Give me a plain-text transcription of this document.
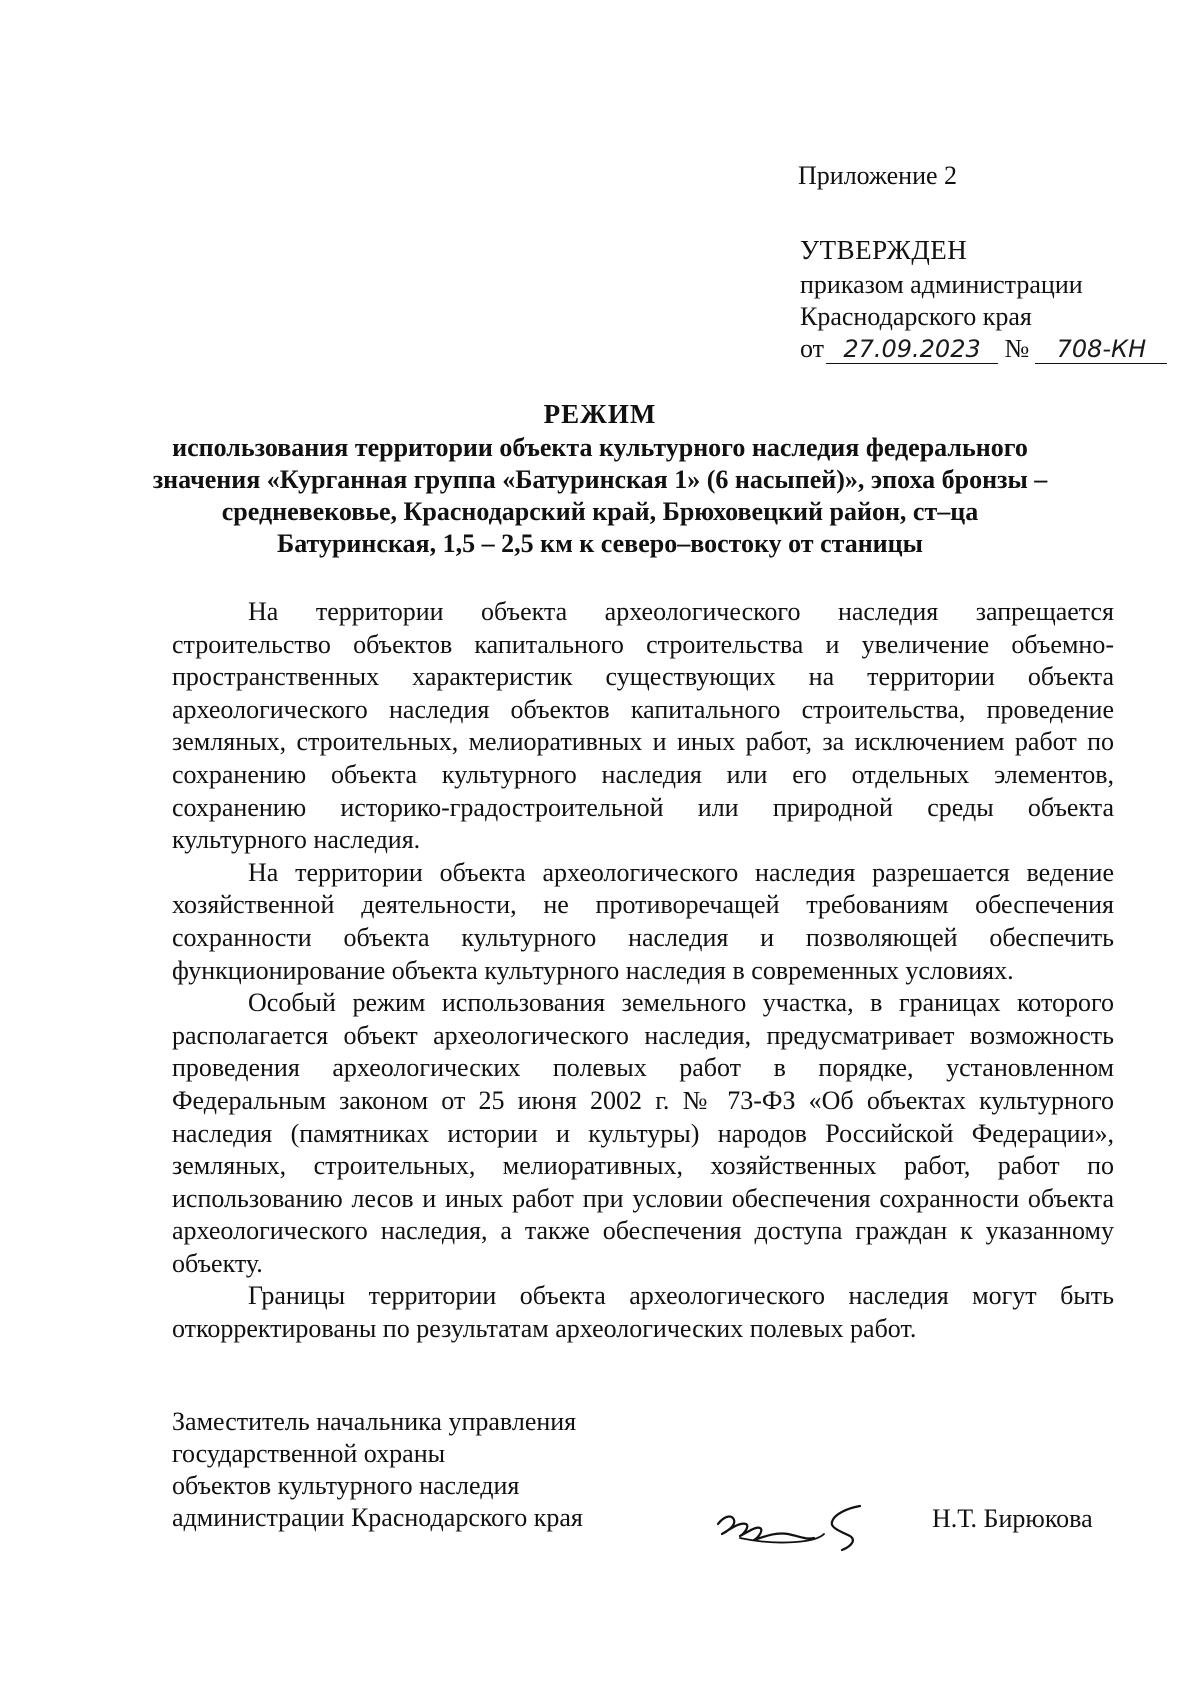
Приложение 2
УТВЕРЖДЕН
приказом администрации
Краснодарского края
от 27.09.2023 № 708-КН
РЕЖИМ
использования территории объекта культурного наследия федерального значения «Курганная группа «Батуринская 1» (6 насыпей)», эпоха бронзы – средневековье, Краснодарский край, Брюховецкий район, ст–ца Батуринская, 1,5 – 2,5 км к северо–востоку от станицы

На территории объекта археологического наследия запрещается строительство объектов капитального строительства и увеличение объемно-пространственных характеристик существующих на территории объекта археологического наследия объектов капитального строительства, проведение земляных, строительных, мелиоративных и иных работ, за исключением работ по сохранению объекта культурного наследия или его отдельных элементов, сохранению историко-градостроительной или природной среды объекта культурного наследия.

На территории объекта археологического наследия разрешается ведение хозяйственной деятельности, не противоречащей требованиям обеспечения сохранности объекта культурного наследия и позволяющей обеспечить функционирование объекта культурного наследия в современных условиях.

Особый режим использования земельного участка, в границах которого располагается объект археологического наследия, предусматривает возможность проведения археологических полевых работ в порядке, установленном Федеральным законом от 25 июня 2002 г. № 73-ФЗ «Об объектах культурного наследия (памятниках истории и культуры) народов Российской Федерации», земляных, строительных, мелиоративных, хозяйственных работ, работ по использованию лесов и иных работ при условии обеспечения сохранности объекта археологического наследия, а также обеспечения доступа граждан к указанному объекту.

Границы территории объекта археологического наследия могут быть откорректированы по результатам археологических полевых работ.

Заместитель начальника управления
государственной охраны
объектов культурного наследия
администрации Краснодарского края	Н.Т. Бирюкова
